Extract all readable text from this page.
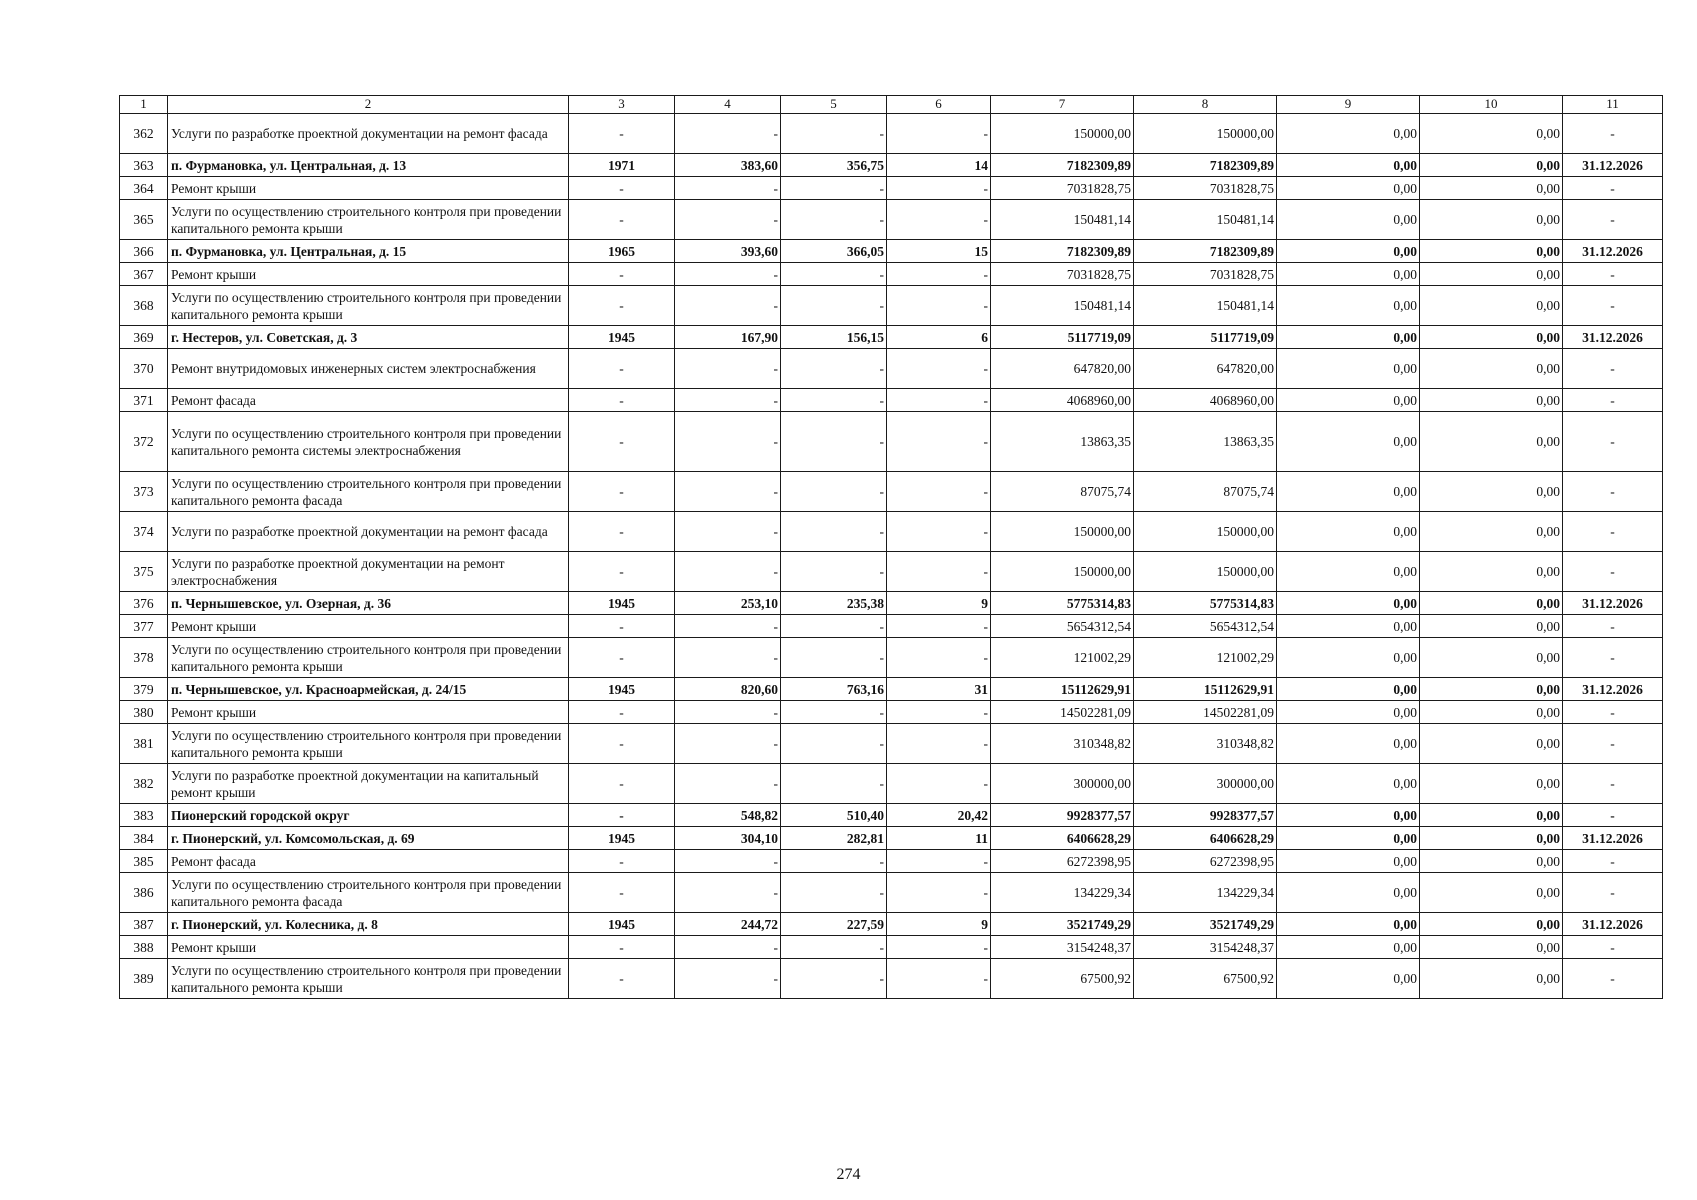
1	2	3	4	5	6	7	8	9	10	11
362	Услуги по разработке проектной документации на ремонт фасада	-	-	-	-	150000,00	150000,00	0,00	0,00	-
363	п. Фурмановка, ул. Центральная, д. 13	1971	383,60	356,75	14	7182309,89	7182309,89	0,00	0,00	31.12.2026
364	Ремонт крыши	-	-	-	-	7031828,75	7031828,75	0,00	0,00	-
365	Услуги по осуществлению строительного контроля при проведении капитального ремонта крыши	-	-	-	-	150481,14	150481,14	0,00	0,00	-
366	п. Фурмановка, ул. Центральная, д. 15	1965	393,60	366,05	15	7182309,89	7182309,89	0,00	0,00	31.12.2026
367	Ремонт крыши	-	-	-	-	7031828,75	7031828,75	0,00	0,00	-
368	Услуги по осуществлению строительного контроля при проведении капитального ремонта крыши	-	-	-	-	150481,14	150481,14	0,00	0,00	-
369	г. Нестеров, ул. Советская, д. 3	1945	167,90	156,15	6	5117719,09	5117719,09	0,00	0,00	31.12.2026
370	Ремонт внутридомовых инженерных систем электроснабжения	-	-	-	-	647820,00	647820,00	0,00	0,00	-
371	Ремонт фасада	-	-	-	-	4068960,00	4068960,00	0,00	0,00	-
372	Услуги по осуществлению строительного контроля при проведении капитального ремонта системы электроснабжения	-	-	-	-	13863,35	13863,35	0,00	0,00	-
373	Услуги по осуществлению строительного контроля при проведении капитального ремонта фасада	-	-	-	-	87075,74	87075,74	0,00	0,00	-
374	Услуги по разработке проектной документации на ремонт фасада	-	-	-	-	150000,00	150000,00	0,00	0,00	-
375	Услуги по разработке проектной документации на ремонт электроснабжения	-	-	-	-	150000,00	150000,00	0,00	0,00	-
376	п. Чернышевское, ул. Озерная, д. 36	1945	253,10	235,38	9	5775314,83	5775314,83	0,00	0,00	31.12.2026
377	Ремонт крыши	-	-	-	-	5654312,54	5654312,54	0,00	0,00	-
378	Услуги по осуществлению строительного контроля при проведении капитального ремонта крыши	-	-	-	-	121002,29	121002,29	0,00	0,00	-
379	п. Чернышевское, ул. Красноармейская, д. 24/15	1945	820,60	763,16	31	15112629,91	15112629,91	0,00	0,00	31.12.2026
380	Ремонт крыши	-	-	-	-	14502281,09	14502281,09	0,00	0,00	-
381	Услуги по осуществлению строительного контроля при проведении капитального ремонта крыши	-	-	-	-	310348,82	310348,82	0,00	0,00	-
382	Услуги по разработке проектной документации на капитальный ремонт крыши	-	-	-	-	300000,00	300000,00	0,00	0,00	-
383	Пионерский городской округ	-	548,82	510,40	20,42	9928377,57	9928377,57	0,00	0,00	-
384	г. Пионерский, ул. Комсомольская, д. 69	1945	304,10	282,81	11	6406628,29	6406628,29	0,00	0,00	31.12.2026
385	Ремонт фасада	-	-	-	-	6272398,95	6272398,95	0,00	0,00	-
386	Услуги по осуществлению строительного контроля при проведении капитального ремонта фасада	-	-	-	-	134229,34	134229,34	0,00	0,00	-
387	г. Пионерский, ул. Колесника, д. 8	1945	244,72	227,59	9	3521749,29	3521749,29	0,00	0,00	31.12.2026
388	Ремонт крыши	-	-	-	-	3154248,37	3154248,37	0,00	0,00	-
389	Услуги по осуществлению строительного контроля при проведении капитального ремонта крыши	-	-	-	-	67500,92	67500,92	0,00	0,00	-
274
